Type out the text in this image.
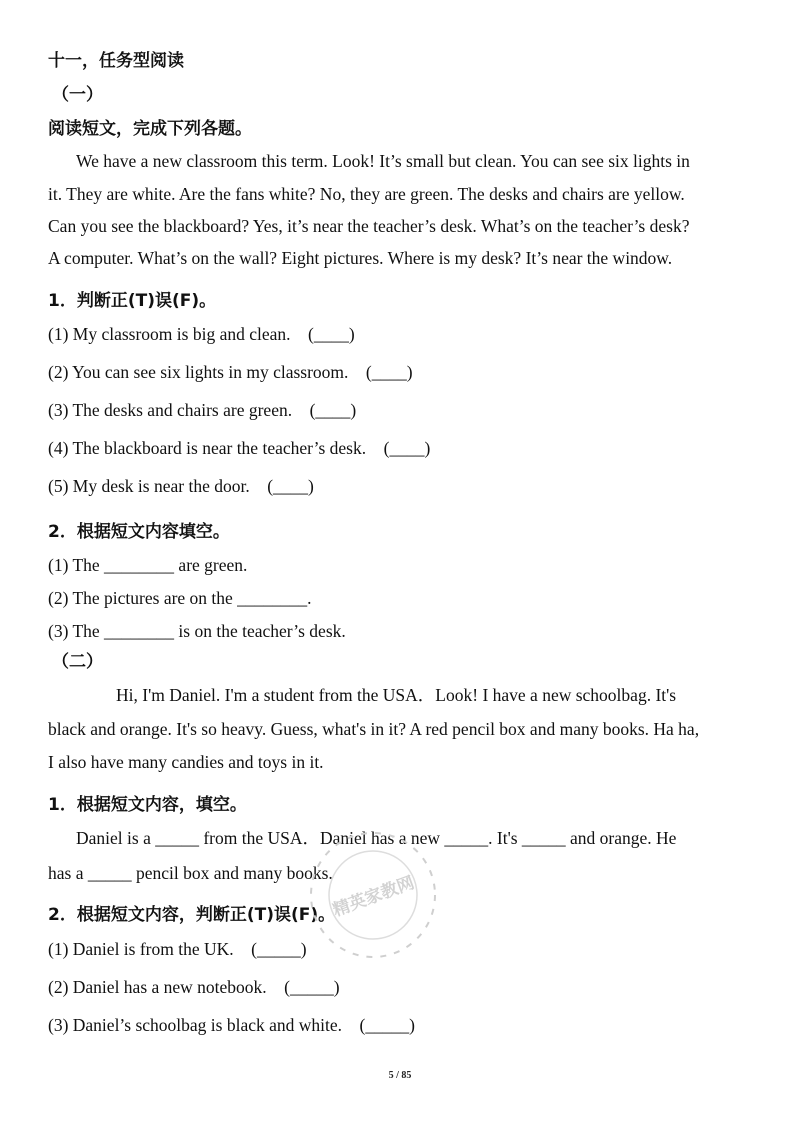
十一，任务型阅读
（一）
阅读短文，完成下列各题。
We have a new classroom this term. Look! It’s small but clean. You can see six lights in
it. They are white. Are the fans white? No, they are green. The desks and chairs are yellow.
Can you see the blackboard? Yes, it’s near the teacher’s desk. What’s on the teacher’s desk?
A computer. What’s on the wall? Eight pictures. Where is my desk? It’s near the window.
1．判断正(T)误(F)。
(1) My classroom is big and clean.　(____)
(2) You can see six lights in my classroom.　(____)
(3) The desks and chairs are green.　(____)
(4) The blackboard is near the teacher’s desk.　(____)
(5) My desk is near the door.　(____)
2．根据短文内容填空。
(1) The ________ are green.
(2) The pictures are on the ________.
(3) The ________ is on the teacher’s desk.
（二）
Hi, I'm Daniel. I'm a student from the USA．Look! I have a new schoolbag. It's
black and orange. It's so heavy. Guess, what's in it? A red pencil box and many books. Ha ha,
I also have many candies and toys in it.
1．根据短文内容，填空。
Daniel is a _____ from the USA．Daniel has a new _____. It's _____ and orange. He
has a _____ pencil box and many books.
2．根据短文内容，判断正(T)误(F)。
(1) Daniel is from the UK.　(_____)
(2) Daniel has a new notebook.　(_____)
(3) Daniel’s schoolbag is black and white.　(_____)
精英家教网
5 / 85
